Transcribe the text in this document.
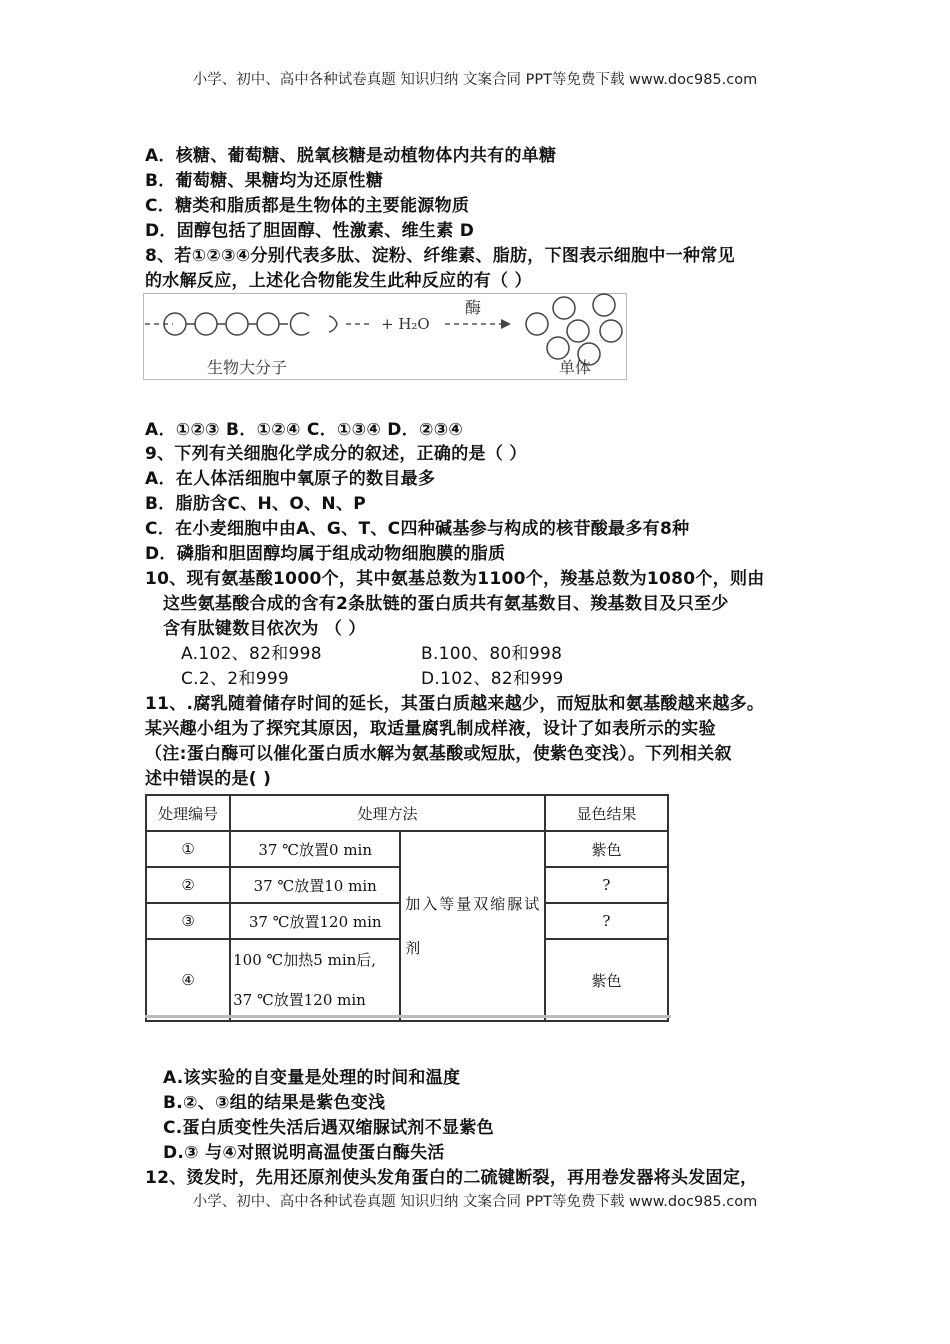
小学、初中、高中各种试卷真题 知识归纳 文案合同 PPT等免费下载 www.doc985.com
A．核糖、葡萄糖、脱氧核糖是动植物体内共有的单糖
B．葡萄糖、果糖均为还原性糖
C．糖类和脂质都是生物体的主要能源物质
D．固醇包括了胆固醇、性激素、维生素 D
8、若①②③④分别代表多肽、淀粉、纤维素、脂肪，下图表示细胞中一种常见
的水解反应，上述化合物能发生此种反应的有（ ）
+ H₂O
酶
生物大分子	单体
A．①②③ B．①②④ C．①③④ D．②③④
9、下列有关细胞化学成分的叙述，正确的是（ ）
A．在人体活细胞中氧原子的数目最多
B．脂肪含C、H、O、N、P
C．在小麦细胞中由A、G、T、C四种碱基参与构成的核苷酸最多有8种
D．磷脂和胆固醇均属于组成动物细胞膜的脂质
10、现有氨基酸1000个，其中氨基总数为1100个，羧基总数为1080个，则由
这些氨基酸合成的含有2条肽链的蛋白质共有氨基数目、羧基数目及只至少
含有肽键数目依次为 （ ）
A.102、82和998	B.100、80和998
C.2、2和999	D.102、82和999
11、.腐乳随着储存时间的延长，其蛋白质越来越少，而短肽和氨基酸越来越多。
某兴趣小组为了探究其原因，取适量腐乳制成样液，设计了如表所示的实验
（注:蛋白酶可以催化蛋白质水解为氨基酸或短肽，使紫色变浅）。下列相关叙
述中错误的是( )
处理编号	处理方法		显色结果
①	37 ℃放置0 min	加入等量双缩脲试剂	紫色
②	37 ℃放置10 min		?
③	37 ℃放置120 min		?
④	100 ℃加热5 min后,
37 ℃放置120 min		紫色
A.该实验的自变量是处理的时间和温度
B.②、③组的结果是紫色变浅
C.蛋白质变性失活后遇双缩脲试剂不显紫色
D.③ 与④对照说明高温使蛋白酶失活
12、烫发时，先用还原剂使头发角蛋白的二硫键断裂，再用卷发器将头发固定，
小学、初中、高中各种试卷真题 知识归纳 文案合同 PPT等免费下载 www.doc985.com
